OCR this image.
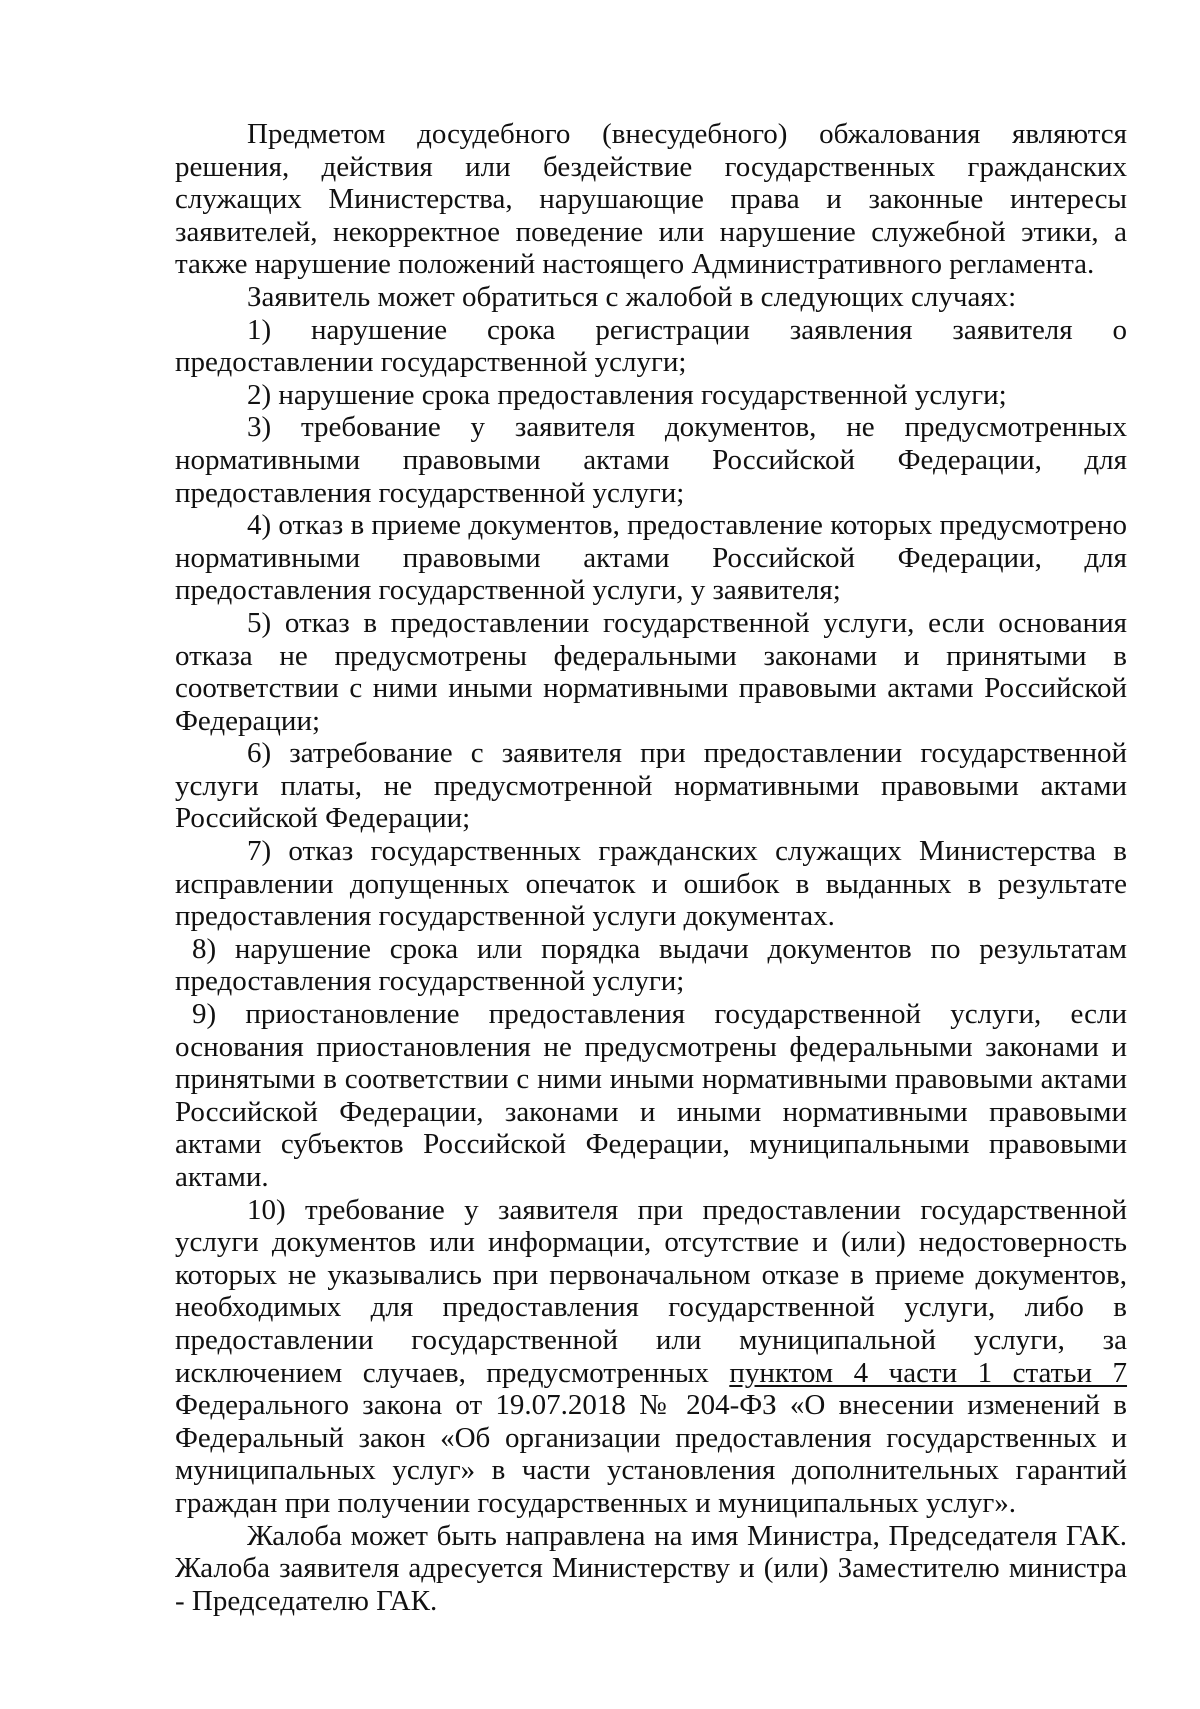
Предметом досудебного (внесудебного) обжалования являются решения, действия или бездействие государственных гражданских служащих Министерства, нарушающие права и законные интересы заявителей, некорректное поведение или нарушение служебной этики, а также нарушение положений настоящего Административного регламента.

Заявитель может обратиться с жалобой в следующих случаях:

1) нарушение срока регистрации заявления заявителя о предоставлении государственной услуги;

2) нарушение срока предоставления государственной услуги;

3) требование у заявителя документов, не предусмотренных нормативными правовыми актами Российской Федерации, для предоставления государственной услуги;

4) отказ в приеме документов, предоставление которых предусмотрено нормативными правовыми актами Российской Федерации, для предоставления государственной услуги, у заявителя;

5) отказ в предоставлении государственной услуги, если основания отказа не предусмотрены федеральными законами и принятыми в соответствии с ними иными нормативными правовыми актами Российской Федерации;

6) затребование с заявителя при предоставлении государственной услуги платы, не предусмотренной нормативными правовыми актами Российской Федерации;

7) отказ государственных гражданских служащих Министерства в исправлении допущенных опечаток и ошибок в выданных в результате предоставления государственной услуги документах.

8) нарушение срока или порядка выдачи документов по результатам предоставления государственной услуги;

9) приостановление предоставления государственной услуги, если основания приостановления не предусмотрены федеральными законами и принятыми в соответствии с ними иными нормативными правовыми актами Российской Федерации, законами и иными нормативными правовыми актами субъектов Российской Федерации, муниципальными правовыми актами.

10) требование у заявителя при предоставлении государственной услуги документов или информации, отсутствие и (или) недостоверность которых не указывались при первоначальном отказе в приеме документов, необходимых для предоставления государственной услуги, либо в предоставлении государственной или муниципальной услуги, за исключением случаев, предусмотренных пунктом 4 части 1 статьи 7 Федерального закона от 19.07.2018 № 204-ФЗ «О внесении изменений в Федеральный закон «Об организации предоставления государственных и муниципальных услуг» в части установления дополнительных гарантий граждан при получении государственных и муниципальных услуг».

Жалоба может быть направлена на имя Министра, Председателя ГАК. Жалоба заявителя адресуется Министерству и (или) Заместителю министра - Председателю ГАК.
